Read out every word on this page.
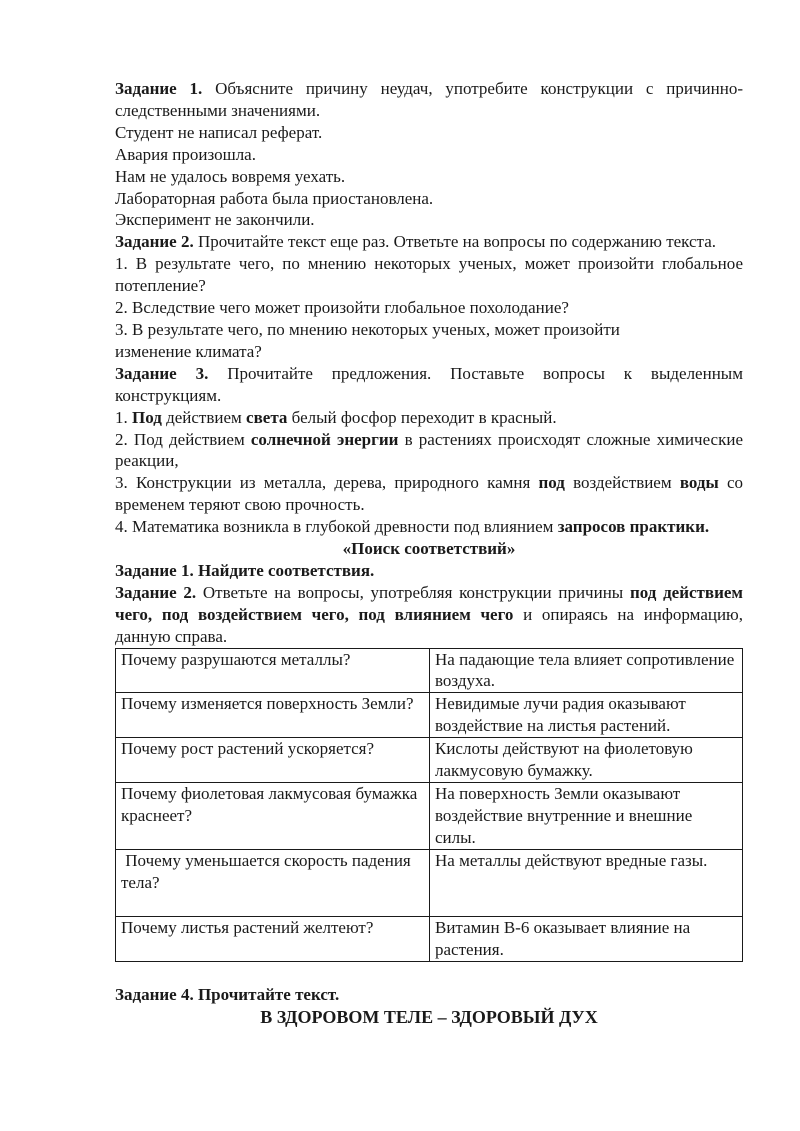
Задание 1. Объясните причину неудач, употребите конструкции с причинно-следственными значениями.

Студент не написал реферат.

Авария произошла.

Нам не удалось вовремя уехать.

Лабораторная работа была приостановлена.

Эксперимент не закончили.

Задание 2. Прочитайте текст еще раз. Ответьте на вопросы по содержанию текста.

1. В результате чего, по мнению некоторых ученых, может произойти глобальное потепление?

2. Вследствие чего может произойти глобальное похолодание?

3. В результате чего, по мнению некоторых ученых, может произойти

изменение климата?

Задание 3. Прочитайте предложения. Поставьте вопросы к выделенным конструкциям.

1. Под действием света белый фосфор переходит в красный.

2. Под действием солнечной энергии в растениях происходят сложные химические реакции,

3. Конструкции из металла, дерева, природного камня под воздействием воды со временем теряют свою прочность.

4. Математика возникла в глубокой древности под влиянием запросов практики.

«Поиск соответствий»

Задание 1. Найдите соответствия.

Задание 2. Ответьте на вопросы, употребляя конструкции причины под действием чего, под воздействием чего, под влиянием чего и опираясь на информацию, данную справа.

Почему разрушаются металлы?	На падающие тела влияет сопротивление воздуха.
Почему изменяется поверхность Земли?	Невидимые лучи радия оказывают воздействие на листья растений.
Почему рост растений ускоряется?	Кислоты действуют на фиолетовую лакмусовую бумажку.
Почему фиолетовая лакмусовая бумажка краснеет?	На поверхность Земли оказывают воздействие внутренние и внешние силы.
Почему уменьшается скорость падения тела?	На металлы действуют вредные газы.
Почему листья растений желтеют?	Витамин В-6 оказывает влияние на растения.

Задание 4. Прочитайте текст.

В ЗДОРОВОМ ТЕЛЕ – ЗДОРОВЫЙ ДУХ
